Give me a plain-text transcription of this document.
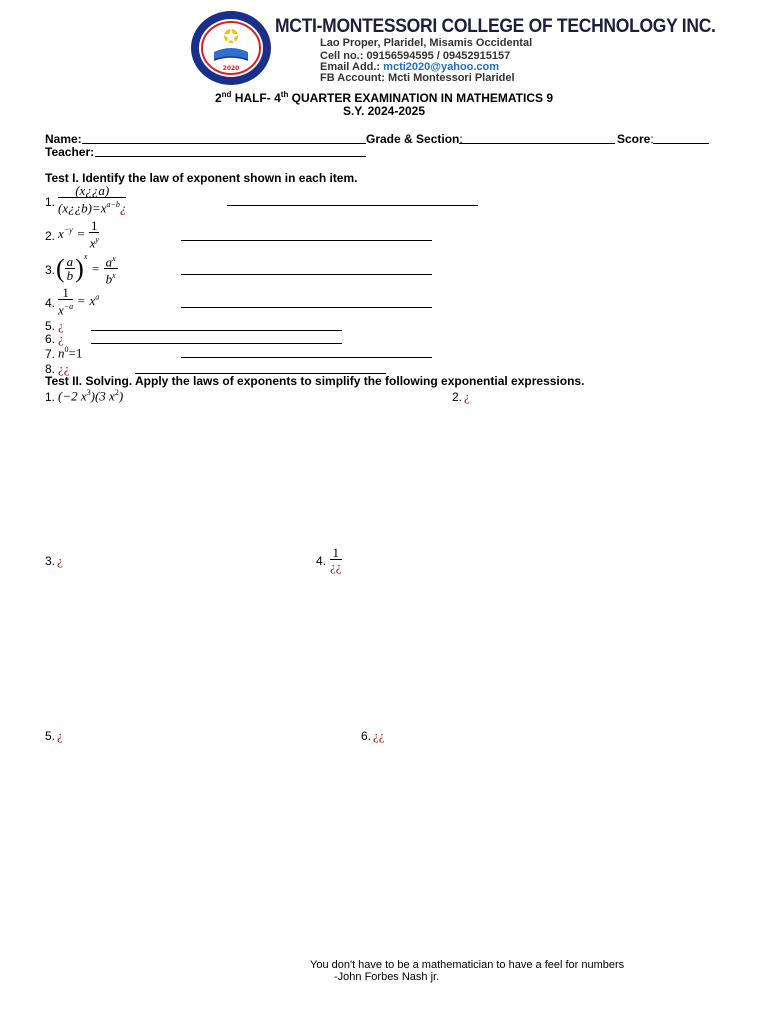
2020
MCTI-MONTESSORI COLLEGE OF TECHNOLOGY INC.
Lao Proper, Plaridel, Misamis Occidental
Cell no.: 09156594595 / 09452915157
Email Add.: mcti2020@yahoo.com
FB Account: Mcti Montessori Plaridel
2nd HALF- 4th QUARTER EXAMINATION IN MATHEMATICS 9
S.Y. 2024-2025
Name:	Grade & Section:	Score:
Teacher:
Test I. Identify the law of exponent shown in each item.
1. $\frac{(x¿¿a)}{(x¿¿b)=x^{a-b}¿}$
2. $x^{-y} = \frac{1}{x^y}$
3. ( $\frac{a}{b} )^x = \frac{a^x}{b^x}$
4. $\frac{1}{x^{-a}} = x^a$
5. ¿
6. ¿
7. $n^0=1$
8. ¿¿
Test II. Solving. Apply the laws of exponents to simplify the following exponential expressions.
1. (−2 $x^3)(3$ $x^2$)	2. ¿
3. ¿	4. $\frac{1}{¿¿}$
5. ¿	6. ¿¿
You don't have to be a mathematician to have a feel for numbers
-John Forbes Nash jr.
